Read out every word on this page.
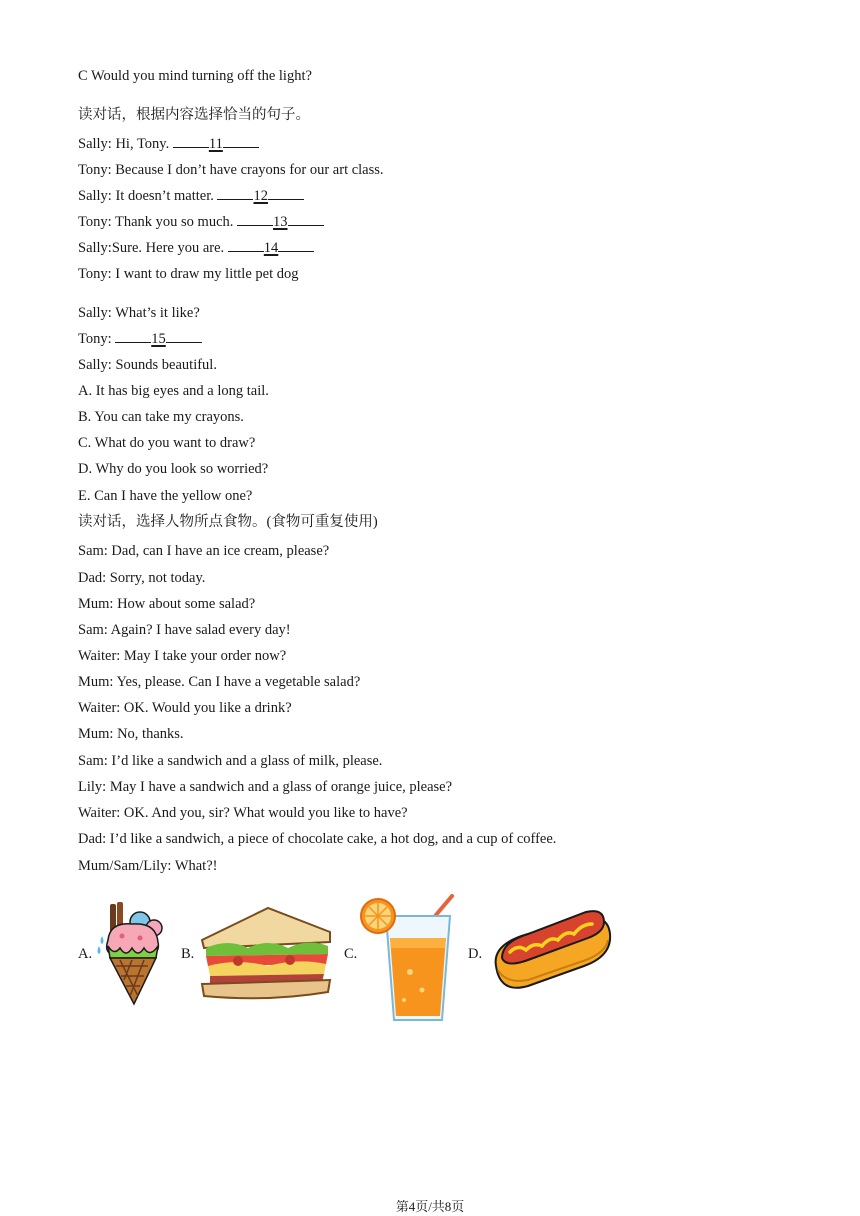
C Would you mind turning off the light?
读对话，根据内容选择恰当的句子。
Sally: Hi, Tony. 11
Tony: Because I don’t have crayons for our art class.
Sally: It doesn’t matter. 12
Tony: Thank you so much. 13
Sally:Sure. Here you are. 14
Tony: I want to draw my little pet dog
Sally: What’s it like?
Tony: 15
Sally: Sounds beautiful.
A. It has big eyes and a long tail.
B. You can take my crayons.
C. What do you want to draw?
D. Why do you look so worried?
E. Can I have the yellow one?
读对话，选择人物所点食物。(食物可重复使用)
Sam: Dad, can I have an ice cream, please?
Dad: Sorry, not today.
Mum: How about some salad?
Sam: Again? I have salad every day!
Waiter: May I take your order now?
Mum: Yes, please. Can I have a vegetable salad?
Waiter: OK. Would you like a drink?
Mum: No, thanks.
Sam: I’d like a sandwich and a glass of milk, please.
Lily: May I have a sandwich and a glass of orange juice, please?
Waiter: OK. And you, sir? What would you like to have?
Dad: I’d like a sandwich, a piece of chocolate cake, a hot dog, and a cup of coffee.
Mum/Sam/Lily: What?!
A.	B.	C.	D.
第4页/共8页
